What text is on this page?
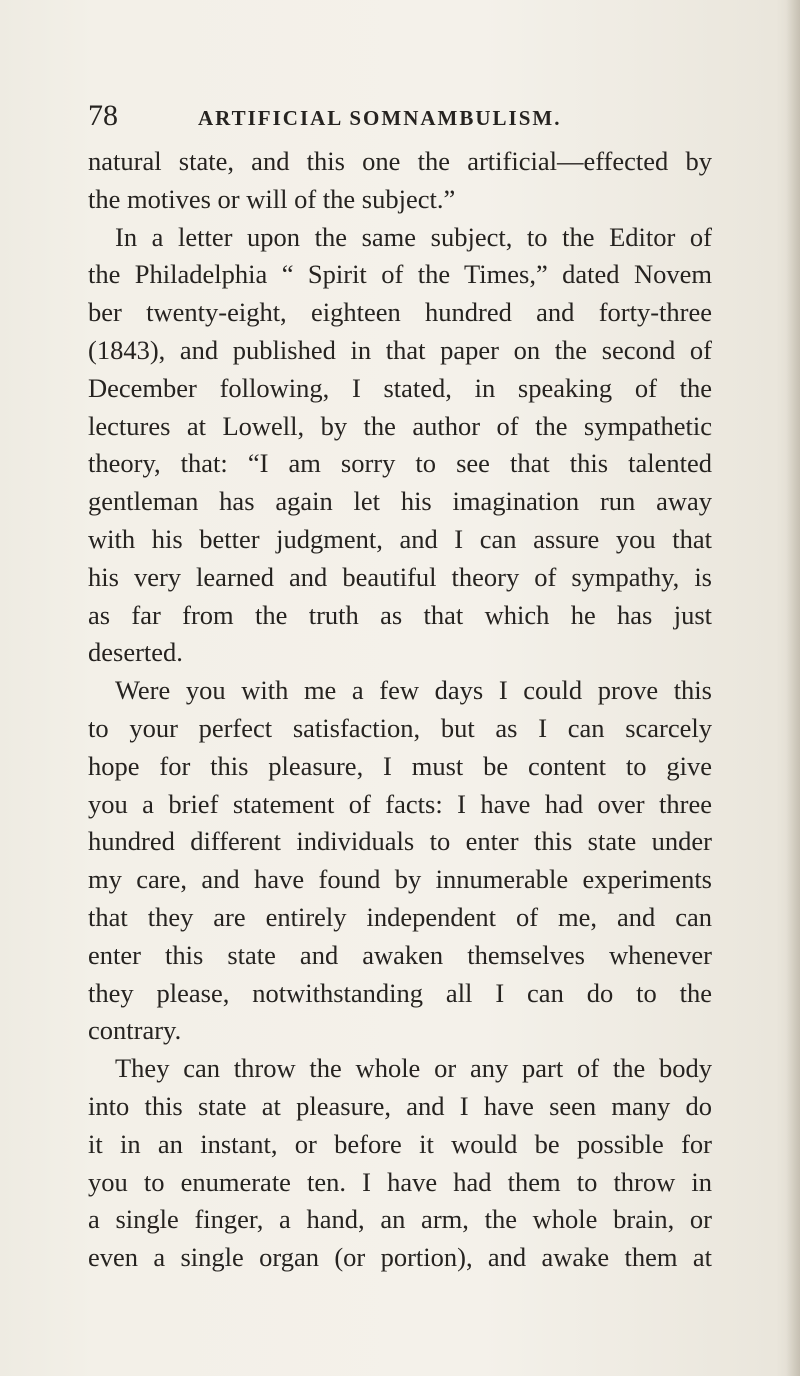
78	ARTIFICIAL SOMNAMBULISM.
natural state, and this one the artificial—effected by
the motives or will of the subject.”
In a letter upon the same subject, to the Editor of
the Philadelphia “ Spirit of the Times,” dated Novem
ber twenty-eight, eighteen hundred and forty-three
(1843), and published in that paper on the second of
December following, I stated, in speaking of the
lectures at Lowell, by the author of the sympathetic
theory, that: “I am sorry to see that this talented
gentleman has again let his imagination run away
with his better judgment, and I can assure you that
his very learned and beautiful theory of sympathy, is
as far from the truth as that which he has just
deserted.
Were you with me a few days I could prove this
to your perfect satisfaction, but as I can scarcely
hope for this pleasure, I must be content to give
you a brief statement of facts: I have had over three
hundred different individuals to enter this state under
my care, and have found by innumerable experiments
that they are entirely independent of me, and can
enter this state and awaken themselves whenever
they please, notwithstanding all I can do to the
contrary.
They can throw the whole or any part of the body
into this state at pleasure, and I have seen many do
it in an instant, or before it would be possible for
you to enumerate ten. I have had them to throw in
a single finger, a hand, an arm, the whole brain, or
even a single organ (or portion), and awake them at
